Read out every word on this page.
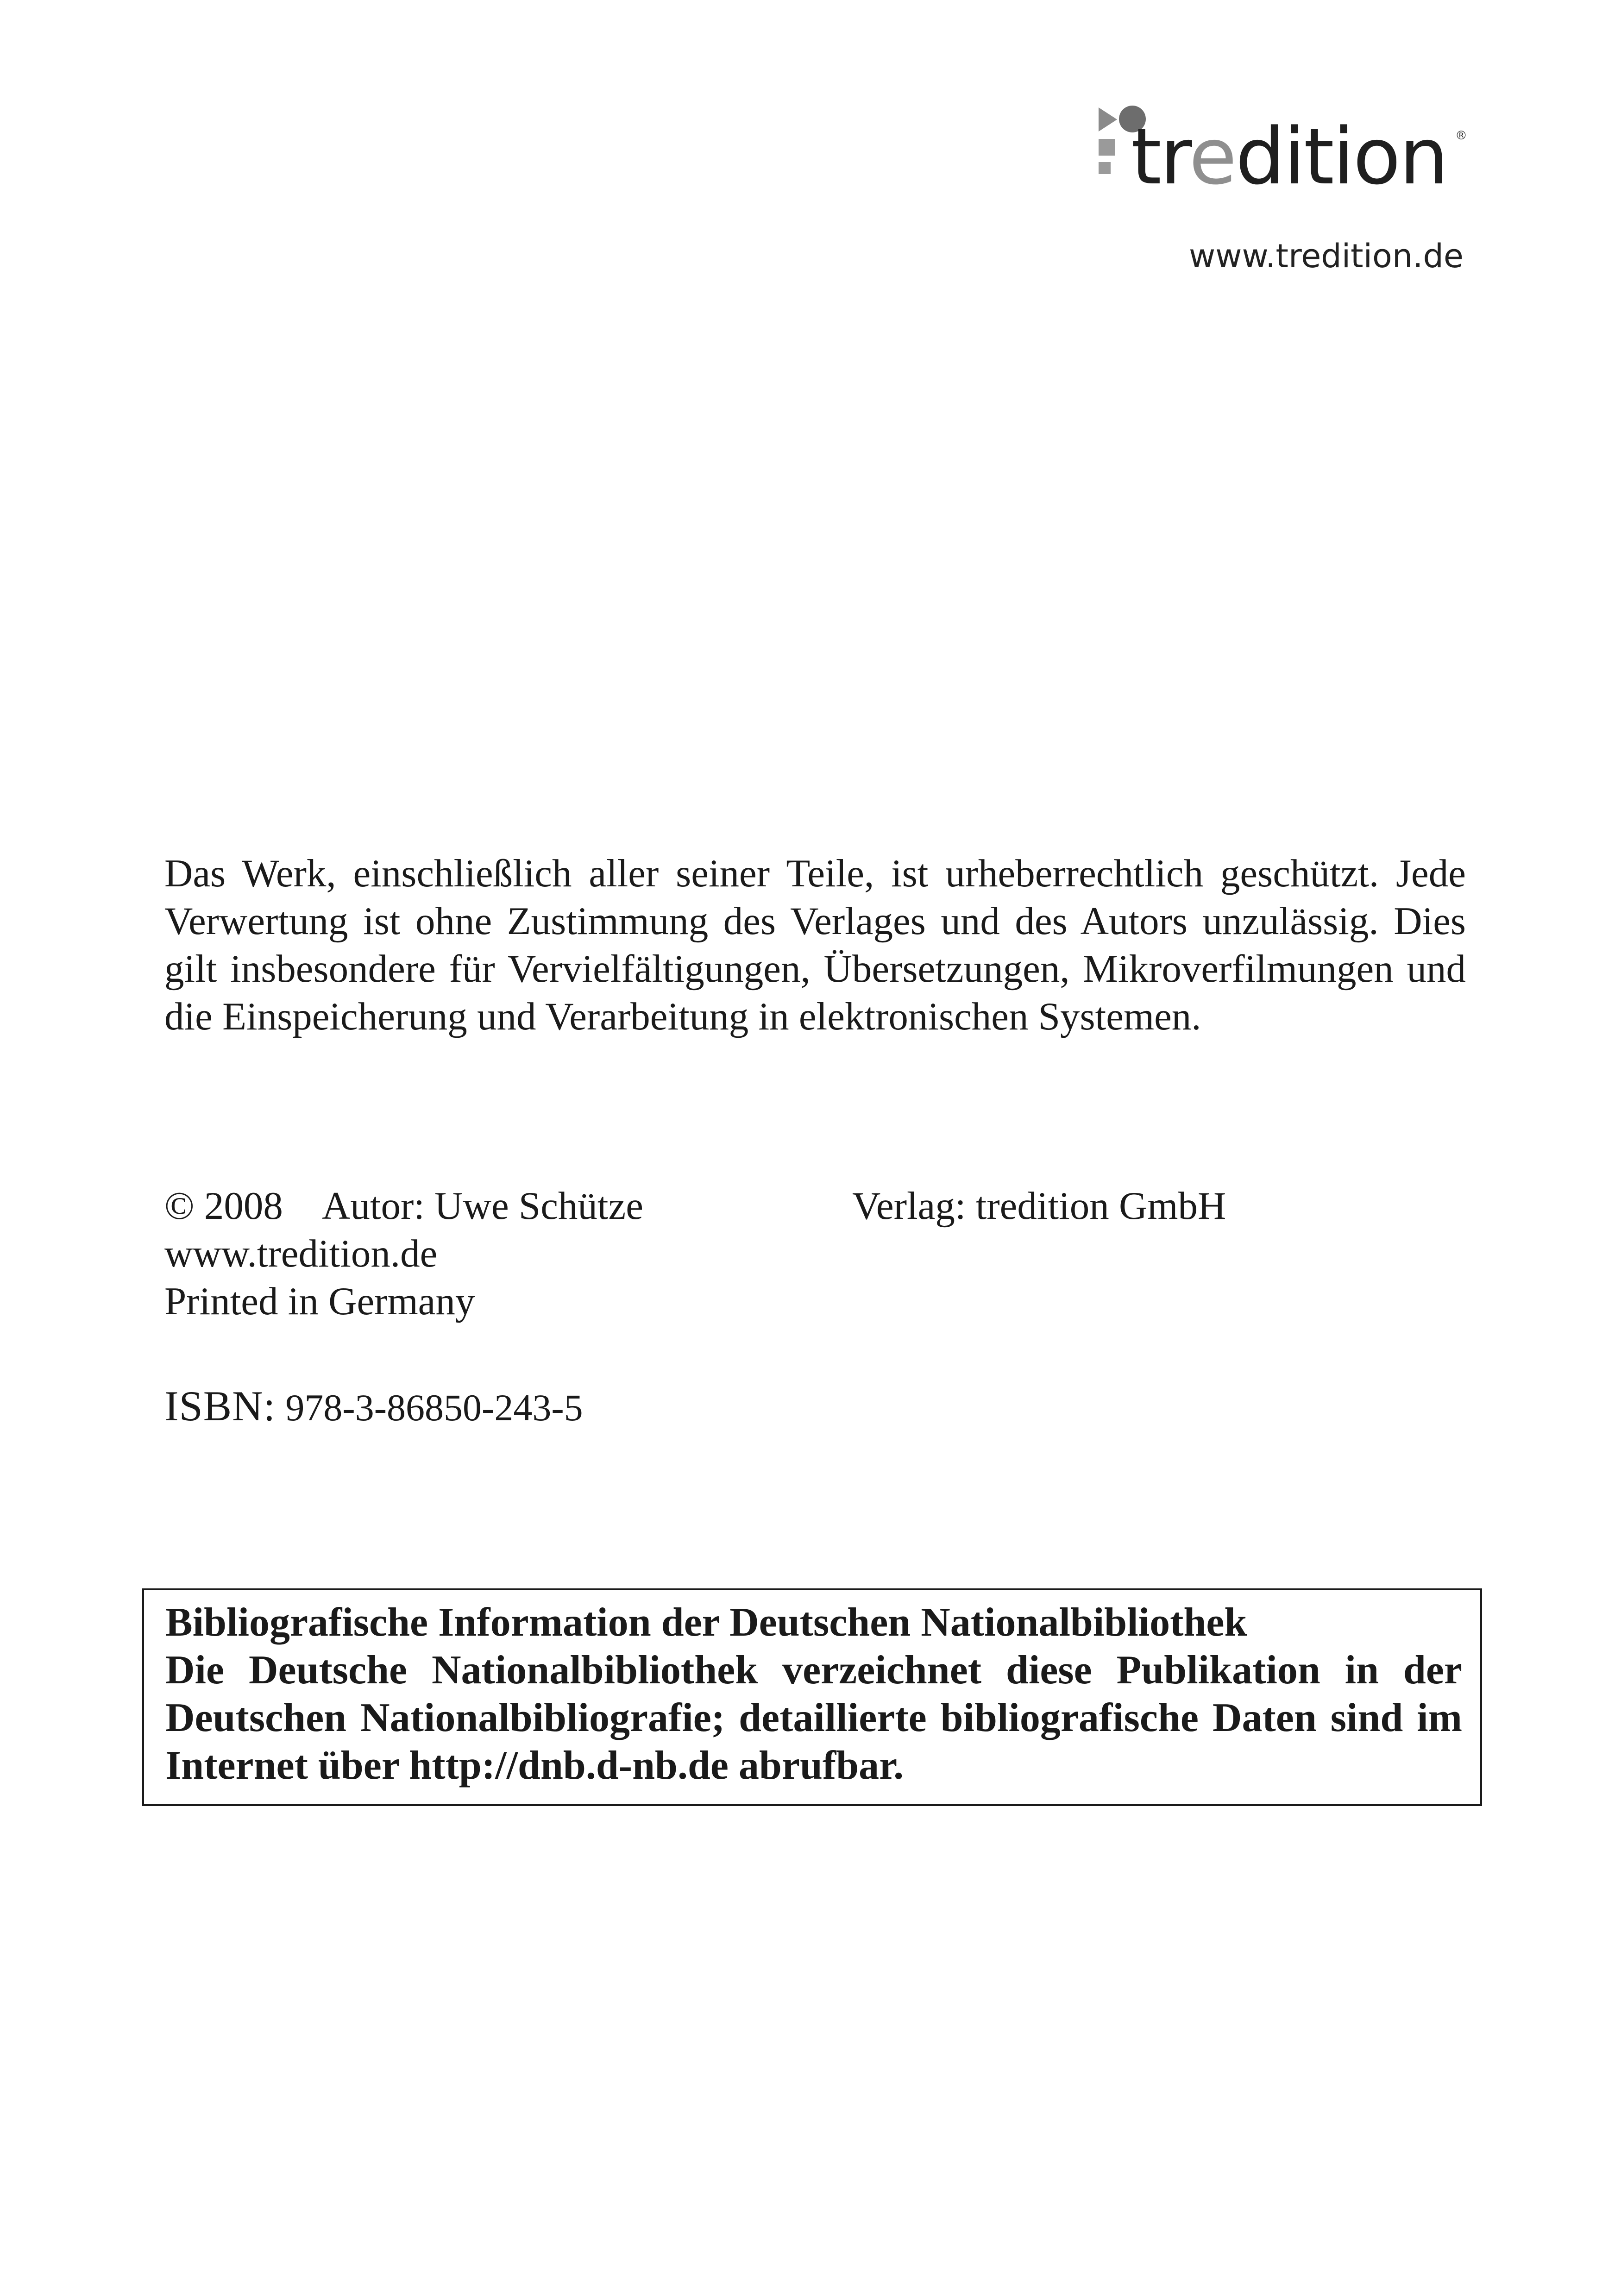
tredition ®
www.tredition.de

Das Werk, einschließlich aller seiner Teile, ist urheberrechtlich geschützt. Jede Verwertung ist ohne Zustimmung des Verlages und des Autors unzulässig. Dies gilt insbesondere für Vervielfältigungen, Übersetzungen, Mikroverfilmungen und die Einspeicherung und Verarbeitung in elektronischen Systemen.

© 2008 Autor: Uwe Schütze	Verlag: tredition GmbH
www.tredition.de
Printed in Germany
ISBN: 978-3-86850-243-5

Bibliografische Information der Deutschen Nationalbibliothek
Die Deutsche Nationalbibliothek verzeichnet diese Publikation in der Deutschen Nationalbibliografie; detaillierte bibliografische Daten sind im Internet über http://dnb.d-nb.de abrufbar.
